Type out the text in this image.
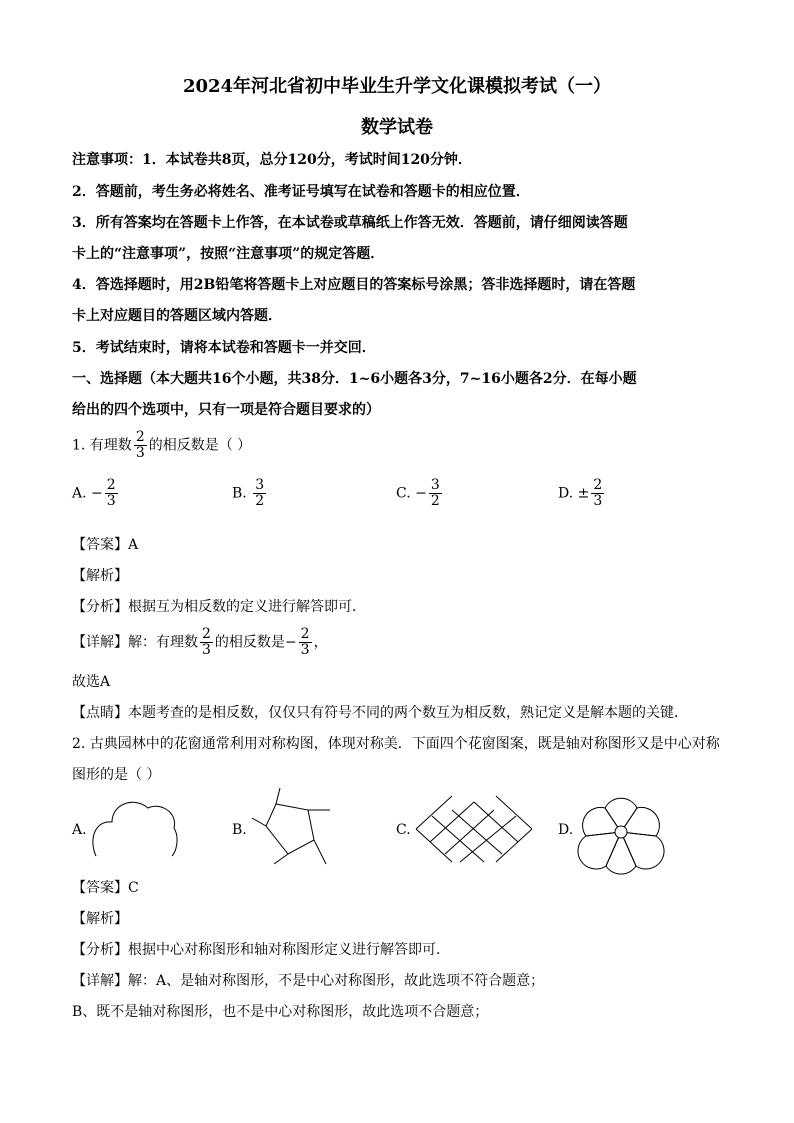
2024年河北省初中毕业生升学文化课模拟考试（一）
数学试卷
注意事项：1．本试卷共8页，总分120分，考试时间120分钟．
2．答题前，考生务必将姓名、准考证号填写在试卷和答题卡的相应位置．
3．所有答案均在答题卡上作答，在本试卷或草稿纸上作答无效．答题前，请仔细阅读答题
卡上的“注意事项”，按照“注意事项”的规定答题．
4．答选择题时，用2B铅笔将答题卡上对应题目的答案标号涂黑；答非选择题时，请在答题
卡上对应题目的答题区域内答题．
5．考试结束时，请将本试卷和答题卡一并交回．
一、选择题（本大题共16个小题，共38分．1~6小题各3分，7~16小题各2分．在每小题
给出的四个选项中，只有一项是符合题目要求的）
1. 有理数 $\frac{2}{3}$ 的相反数是（ ）
A. − $\frac{2}{3}$	B. $\frac{3}{2}$	C. − $\frac{3}{2}$	D. ± $\frac{2}{3}$
【答案】A
【解析】
【分析】根据互为相反数的定义进行解答即可．
【详解】解：有理数 $\frac{2}{3}$ 的相反数是− $\frac{2}{3}$ ，
故选A
【点睛】本题考查的是相反数，仅仅只有符号不同的两个数互为相反数，熟记定义是解本题的关键．
2. 古典园林中的花窗通常利用对称构图，体现对称美．下面四个花窗图案，既是轴对称图形又是中心对称
图形的是（ ）
A.	B.	C.	D.
【答案】C
【解析】
【分析】根据中心对称图形和轴对称图形定义进行解答即可．
【详解】解：A、是轴对称图形，不是中心对称图形，故此选项不符合题意；
B、既不是轴对称图形，也不是中心对称图形，故此选项不合题意；
